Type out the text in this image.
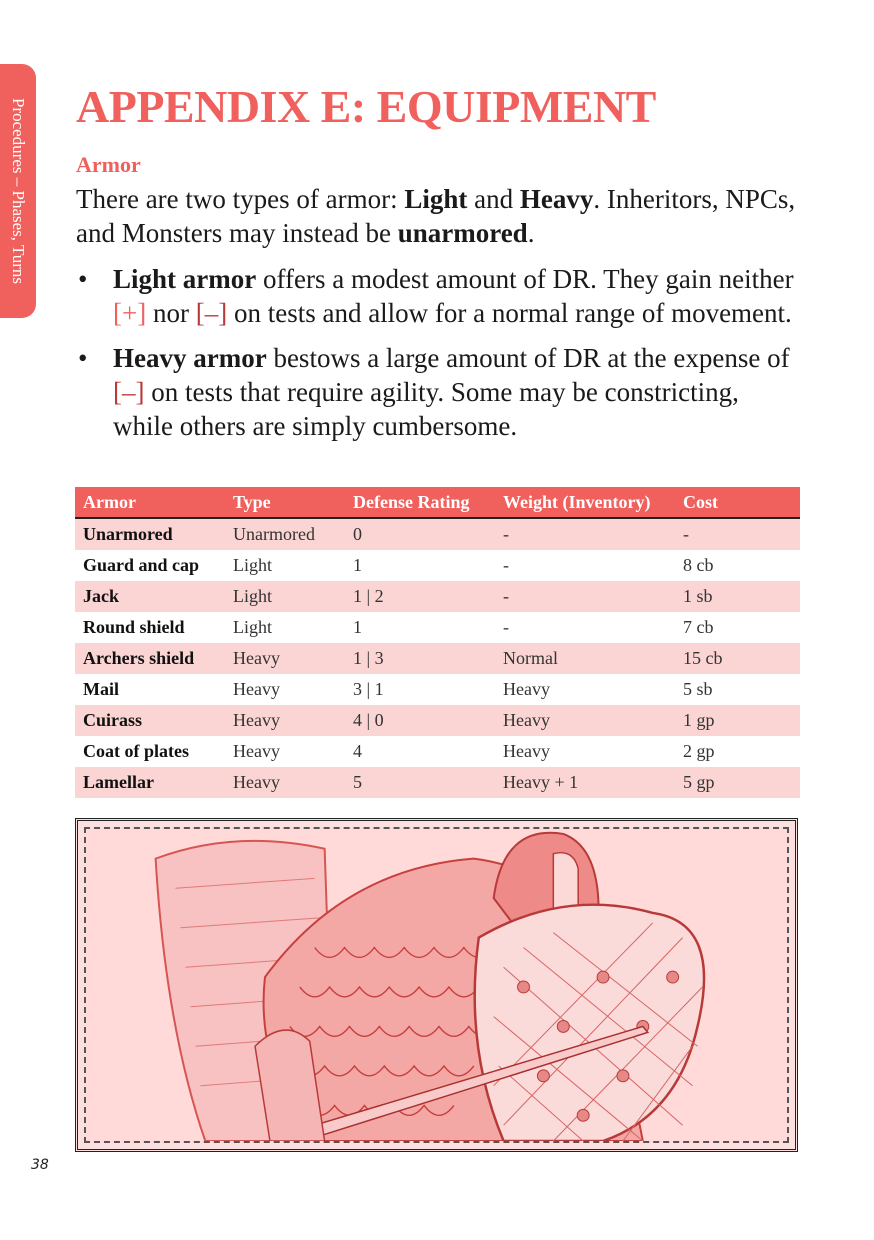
Procedures – Phases, Turns APPENDIX E: EQUIPMENT
Armor

There are two types of armor: Light and Heavy. Inheritors, NPCs, and Monsters may instead be unarmored.

• Light armor offers a modest amount of DR. They gain neither [+] nor [–] on tests and allow for a normal range of movement.
• Heavy armor bestows a large amount of DR at the expense of [–] on tests that require agility. Some may be constricting, while others are simply cumbersome.
Armor	Type	Defense Rating	Weight (Inventory)	Cost
Unarmored	Unarmored	0	-	-
Guard and cap	Light	1	-	8 cb
Jack	Light	1 | 2	-	1 sb
Round shield	Light	1	-	7 cb
Archers shield	Heavy	1 | 3	Normal	15 cb
Mail	Heavy	3 | 1	Heavy	5 sb
Cuirass	Heavy	4 | 0	Heavy	1 gp
Coat of plates	Heavy	4	Heavy	2 gp
Lamellar	Heavy	5	Heavy + 1	5 gp
38
